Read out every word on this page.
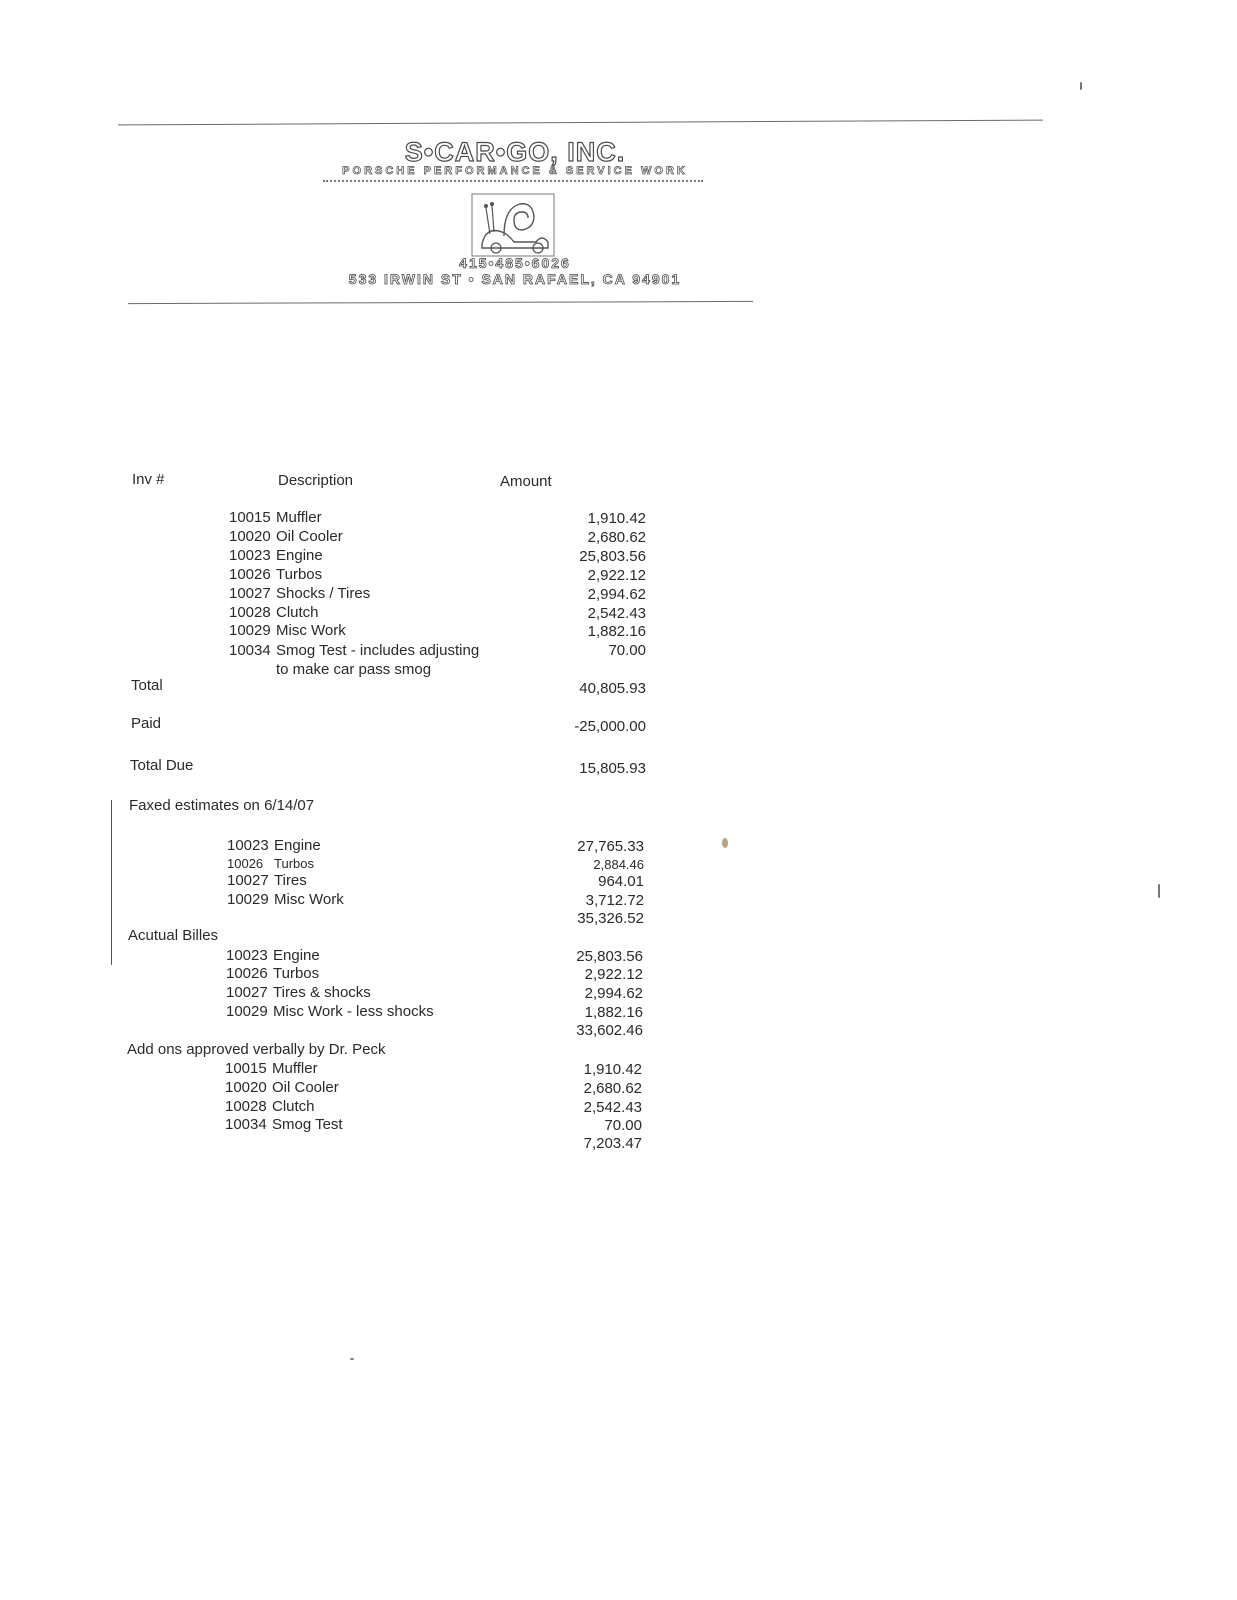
S•CAR•GO, INC.
PORSCHE PERFORMANCE & SERVICE WORK
415•485•6026
533 IRWIN ST • SAN RAFAEL, CA 94901
Inv #	Description	Amount
10015 Muffler	1,910.42
10020 Oil Cooler	2,680.62
10023 Engine	25,803.56
10026 Turbos	2,922.12
10027 Shocks / Tires	2,994.62
10028 Clutch	2,542.43
10029 Misc Work	1,882.16
10034 Smog Test - includes adjusting	70.00
to make car pass smog
Total	40,805.93
Paid	-25,000.00
Total Due	15,805.93
Faxed estimates on 6/14/07
10023 Engine	27,765.33
10026 Turbos	2,884.46
10027 Tires	964.01
10029 Misc Work	3,712.72
35,326.52
Acutual Billes
10023 Engine	25,803.56
10026 Turbos	2,922.12
10027 Tires & shocks	2,994.62
10029 Misc Work - less shocks	1,882.16
33,602.46
Add ons approved verbally by Dr. Peck
10015 Muffler	1,910.42
10020 Oil Cooler	2,680.62
10028 Clutch	2,542.43
10034 Smog Test	70.00
7,203.47
